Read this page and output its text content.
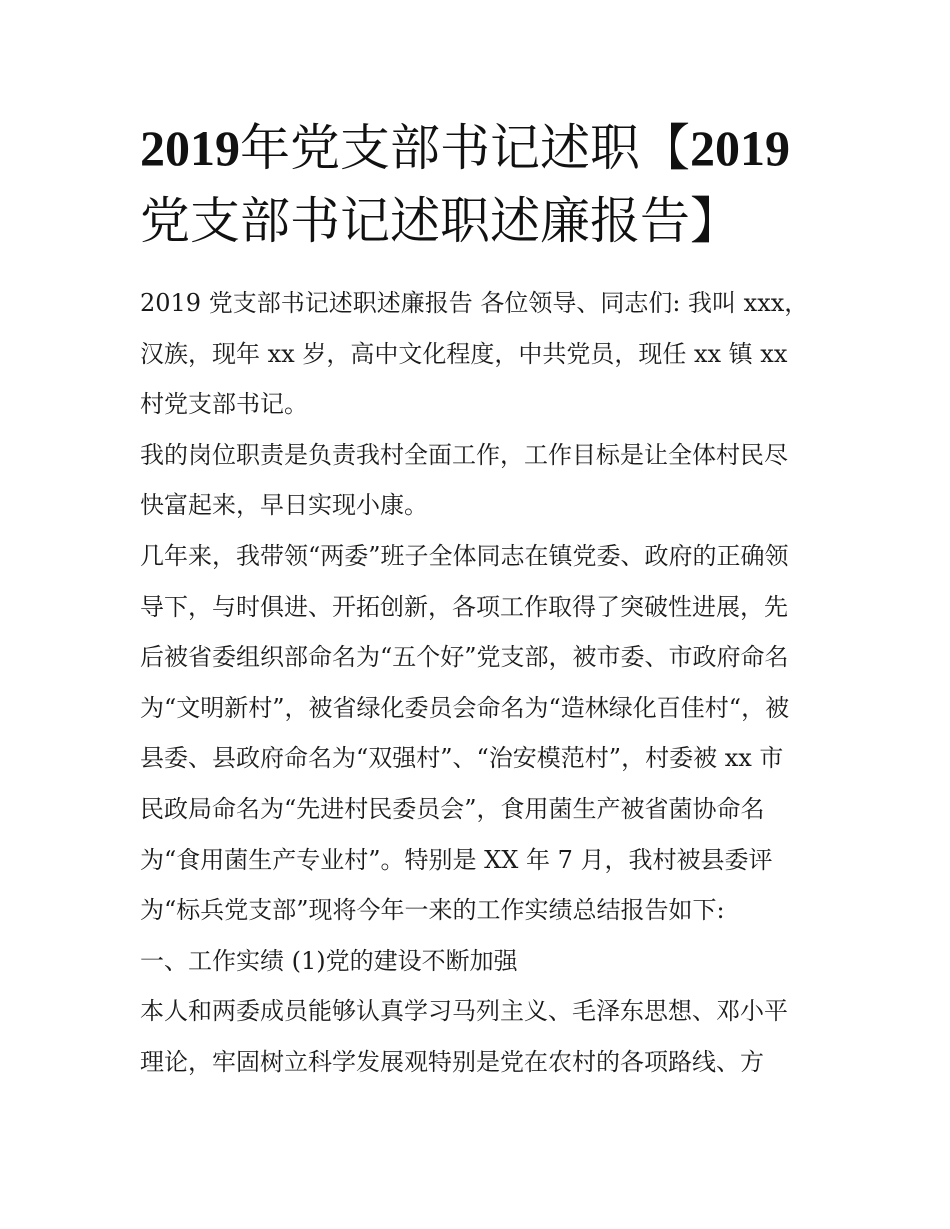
2019年党支部书记述职【2019
党支部书记述职述廉报告】
2019 党支部书记述职述廉报告 各位领导、同志们: 我叫 xxx，
汉族，现年 xx 岁，高中文化程度，中共党员，现任 xx 镇 xx
村党支部书记。
我的岗位职责是负责我村全面工作，工作目标是让全体村民尽
快富起来，早日实现小康。
几年来，我带领“两委”班子全体同志在镇党委、政府的正确领
导下，与时俱进、开拓创新，各项工作取得了突破性进展，先
后被省委组织部命名为“五个好”党支部，被市委、市政府命名
为“文明新村”，被省绿化委员会命名为“造林绿化百佳村“，被
县委、县政府命名为“双强村”、“治安模范村”，村委被 xx 市
民政局命名为“先进村民委员会”，食用菌生产被省菌协命名
为“食用菌生产专业村”。特别是 XX 年 7 月，我村被县委评
为“标兵党支部”现将今年一来的工作实绩总结报告如下:
一、工作实绩 (1)党的建设不断加强
本人和两委成员能够认真学习马列主义、毛泽东思想、邓小平
理论，牢固树立科学发展观特别是党在农村的各项路线、方
